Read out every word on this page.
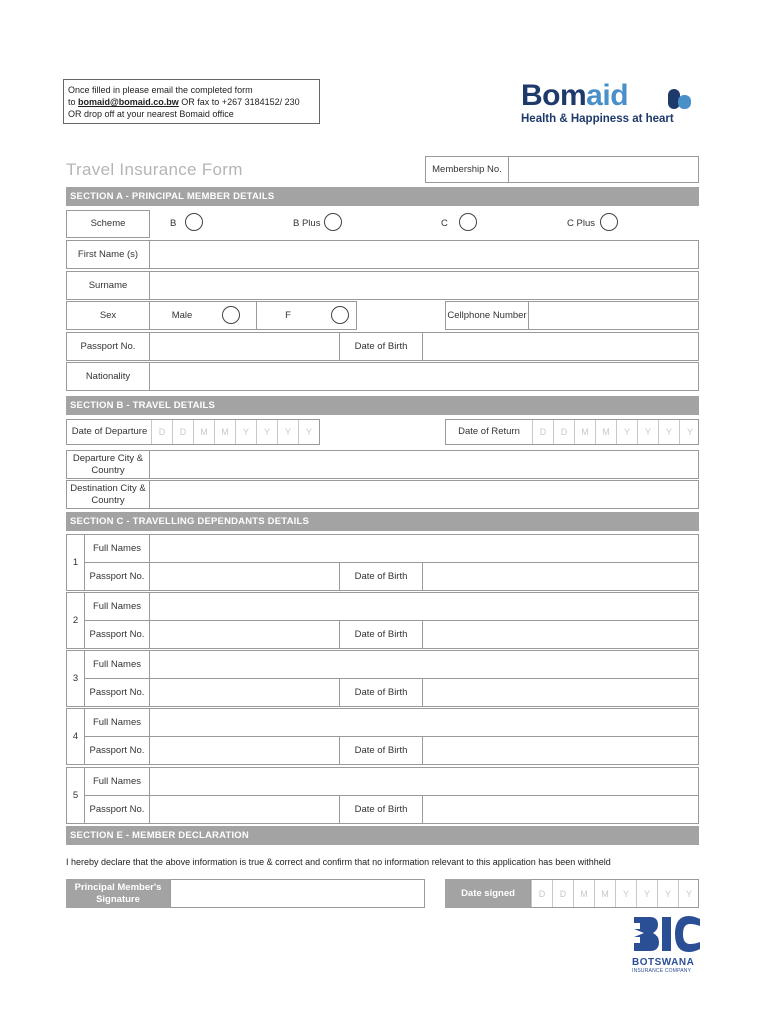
Once filled in please email the completed form
to bomaid@bomaid.co.bw OR fax to +267 3184152/ 230
OR drop off at your nearest Bomaid office
Bomaid
Health & Happiness at heart
Travel Insurance Form	Membership No.
SECTION A - PRINCIPAL MEMBER DETAILS
Scheme	B	B Plus	C	C Plus
First Name (s)
Surname
Sex	Male	F	Cellphone Number
Passport No.	Date of Birth
Nationality
SECTION B - TRAVEL DETAILS
Date of Departure	D	D	M	M	Y	Y	Y	Y	Date of Return	D	D	M	M	Y	Y	Y	Y
Departure City &
Country
Destination City &
Country
SECTION C - TRAVELLING DEPENDANTS DETAILS
1
Full Names
Passport No.	Date of Birth
2
Full Names
Passport No.	Date of Birth
3
Full Names
Passport No.	Date of Birth
4
Full Names
Passport No.	Date of Birth
5
Full Names
Passport No.	Date of Birth
SECTION E - MEMBER DECLARATION
I hereby declare that the above information is true & correct and confirm that no information relevant to this application has been withheld
Principal Member's
Signature
Date signed	D	D	M	M	Y	Y	Y	Y
BOTSWANA
INSURANCE COMPANY
